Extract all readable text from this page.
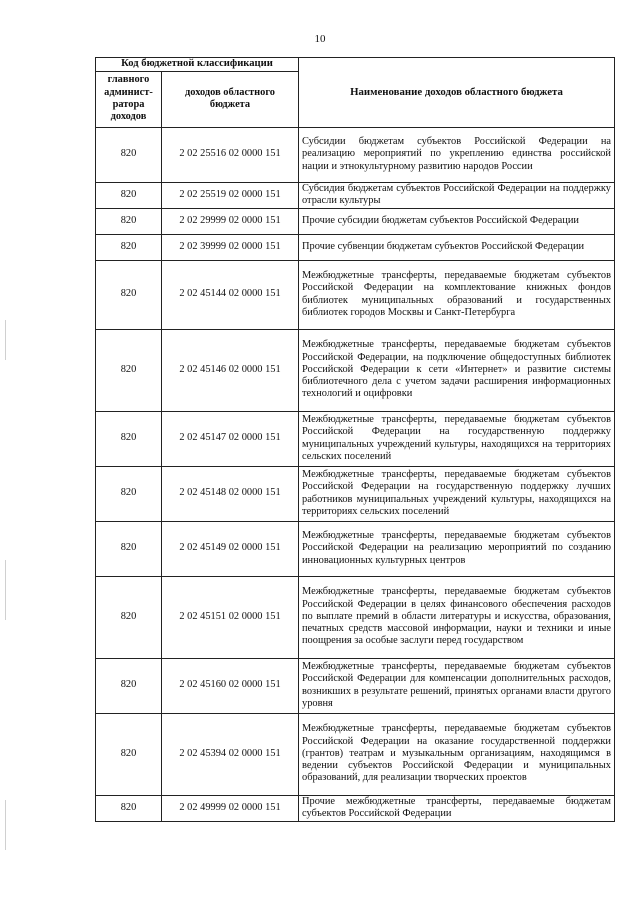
10
Код бюджетной классификации		Наименование доходов областного бюджета
главного админист-ратора доходов	доходов областного бюджета	
820	2 02 25516 02 0000 151	Субсидии бюджетам субъектов Российской Федерации на реализацию мероприятий по укреплению единства российской нации и этнокультурному развитию народов России
820	2 02 25519 02 0000 151	Субсидия бюджетам субъектов Российской Федерации на поддержку отрасли культуры
820	2 02 29999 02 0000 151	Прочие субсидии бюджетам субъектов Российской Федерации
820	2 02 39999 02 0000 151	Прочие субвенции бюджетам субъектов Российской Федерации
820	2 02 45144 02 0000 151	Межбюджетные трансферты, передаваемые бюджетам субъектов Российской Федерации на комплектование книжных фондов библиотек муниципальных образований и государственных библиотек городов Москвы и Санкт-Петербурга
820	2 02 45146 02 0000 151	Межбюджетные трансферты, передаваемые бюджетам субъектов Российской Федерации, на подключение общедоступных библиотек Российской Федерации к сети «Интернет» и развитие системы библиотечного дела с учетом задачи расширения информационных технологий и оцифровки
820	2 02 45147 02 0000 151	Межбюджетные трансферты, передаваемые бюджетам субъектов Российской Федерации на государственную поддержку муниципальных учреждений культуры, находящихся на территориях сельских поселений
820	2 02 45148 02 0000 151	Межбюджетные трансферты, передаваемые бюджетам субъектов Российской Федерации на государственную поддержку лучших работников муниципальных учреждений культуры, находящихся на территориях сельских поселений
820	2 02 45149 02 0000 151	Межбюджетные трансферты, передаваемые бюджетам субъектов Российской Федерации на реализацию мероприятий по созданию инновационных культурных центров
820	2 02 45151 02 0000 151	Межбюджетные трансферты, передаваемые бюджетам субъектов Российской Федерации в целях финансового обеспечения расходов по выплате премий в области литературы и искусства, образования, печатных средств массовой информации, науки и техники и иные поощрения за особые заслуги перед государством
820	2 02 45160 02 0000 151	Межбюджетные трансферты, передаваемые бюджетам субъектов Российской Федерации для компенсации дополнительных расходов, возникших в результате решений, принятых органами власти другого уровня
820	2 02 45394 02 0000 151	Межбюджетные трансферты, передаваемые бюджетам субъектов Российской Федерации на оказание государственной поддержки (грантов) театрам и музыкальным организациям, находящимся в ведении субъектов Российской Федерации и муниципальных образований, для реализации творческих проектов
820	2 02 49999 02 0000 151	Прочие межбюджетные трансферты, передаваемые бюджетам субъектов Российской Федерации
